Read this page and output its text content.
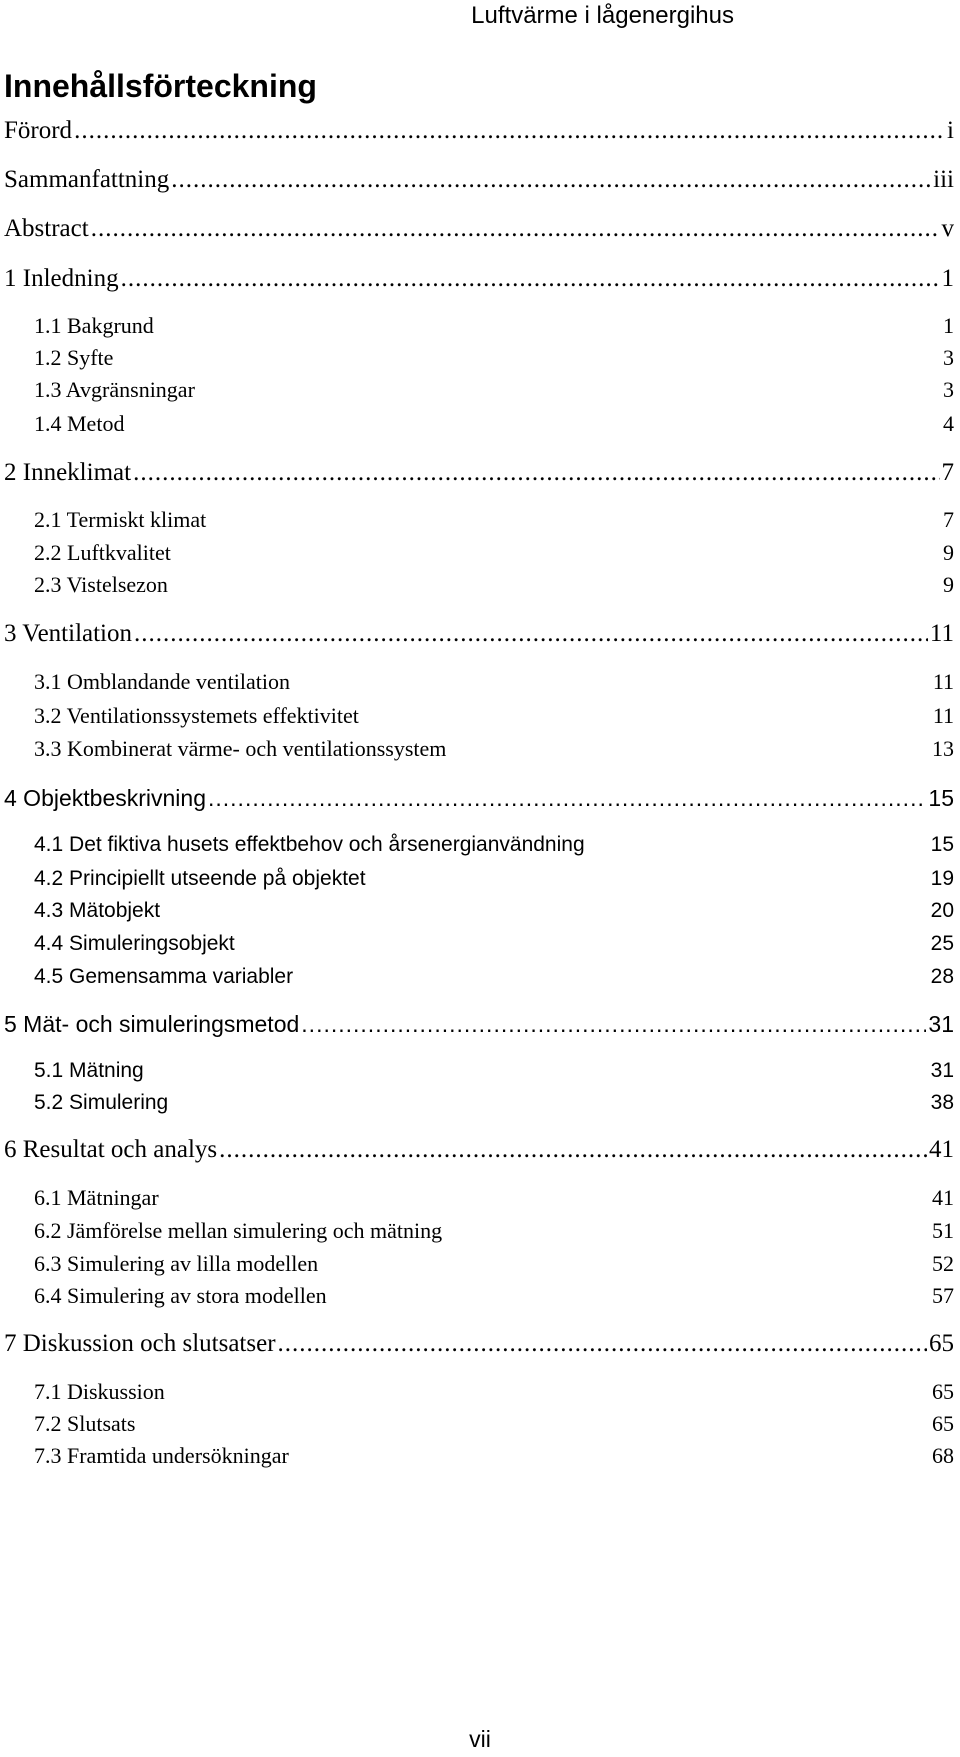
Luftvärme i lågenergihus
Innehållsförteckning
Förord .....	i
Sammanfattning .....	iii
Abstract .....	v
1 Inledning .....	1
1.1 Bakgrund	1
1.2 Syfte	3
1.3 Avgränsningar	3
1.4 Metod	4
2 Inneklimat .....	7
2.1 Termiskt klimat	7
2.2 Luftkvalitet	9
2.3 Vistelsezon	9
3 Ventilation .....	11
3.1 Omblandande ventilation	11
3.2 Ventilationssystemets effektivitet	11
3.3 Kombinerat värme- och ventilationssystem	13
4 Objektbeskrivning .....	15
4.1 Det fiktiva husets effektbehov och årsenergianvändning	15
4.2 Principiellt utseende på objektet	19
4.3 Mätobjekt	20
4.4 Simuleringsobjekt	25
4.5 Gemensamma variabler	28
5 Mät- och simuleringsmetod .....	31
5.1 Mätning	31
5.2 Simulering	38
6 Resultat och analys .....	41
6.1 Mätningar	41
6.2 Jämförelse mellan simulering och mätning	51
6.3 Simulering av lilla modellen	52
6.4 Simulering av stora modellen	57
7 Diskussion och slutsatser .....	65
7.1 Diskussion	65
7.2 Slutsats	65
7.3 Framtida undersökningar	68
vii
